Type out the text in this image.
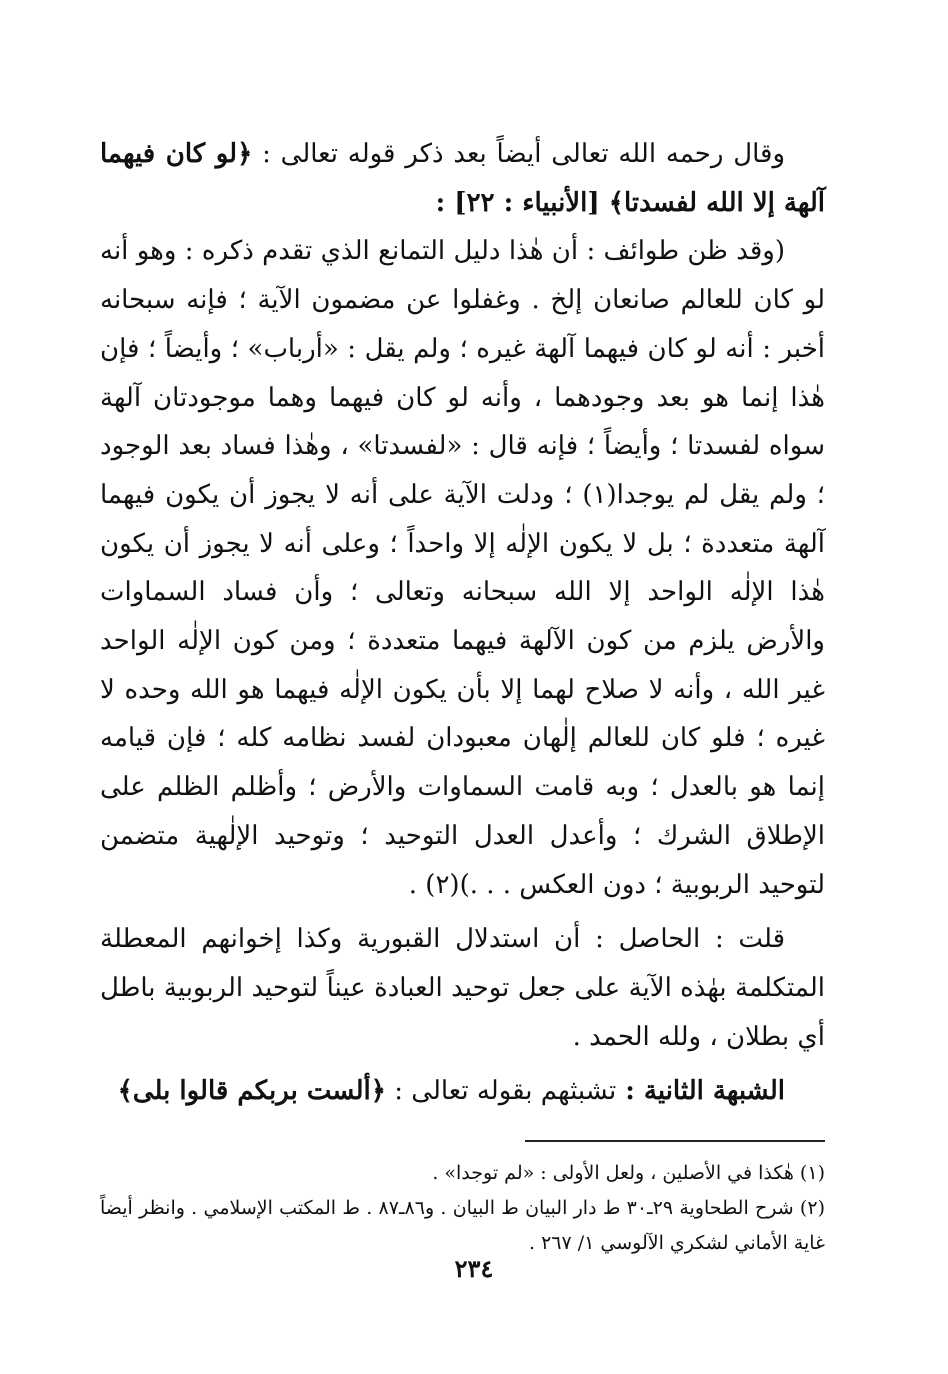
وقال رحمه الله تعالى أيضاً بعد ذكر قوله تعالى : ﴿لو كان فيهما آلهة إلا الله لفسدتا﴾ [الأنبياء : ٢٢] :

(وقد ظن طوائف : أن هٰذا دليل التمانع الذي تقدم ذكره : وهو أنه لو كان للعالم صانعان إلخ . وغفلوا عن مضمون الآية ؛ فإنه سبحانه أخبر : أنه لو كان فيهما آلهة غيره ؛ ولم يقل : «أرباب» ؛ وأيضاً ؛ فإن هٰذا إنما هو بعد وجودهما ، وأنه لو كان فيهما وهما موجودتان آلهة سواه لفسدتا ؛ وأيضاً ؛ فإنه قال : «لفسدتا» ، وهٰذا فساد بعد الوجود ؛ ولم يقل لم يوجدا(١) ؛ ودلت الآية على أنه لا يجوز أن يكون فيهما آلهة متعددة ؛ بل لا يكون الإلٰه إلا واحداً ؛ وعلى أنه لا يجوز أن يكون هٰذا الإلٰه الواحد إلا الله سبحانه وتعالى ؛ وأن فساد السماوات والأرض يلزم من كون الآلهة فيهما متعددة ؛ ومن كون الإلٰه الواحد غير الله ، وأنه لا صلاح لهما إلا بأن يكون الإلٰه فيهما هو الله وحده لا غيره ؛ فلو كان للعالم إلٰهان معبودان لفسد نظامه كله ؛ فإن قيامه إنما هو بالعدل ؛ وبه قامت السماوات والأرض ؛ وأظلم الظلم على الإطلاق الشرك ؛ وأعدل العدل التوحيد ؛ وتوحيد الإلٰهية متضمن لتوحيد الربوبية ؛ دون العكس . . .)(٢) .

قلت : الحاصل : أن استدلال القبورية وكذا إخوانهم المعطلة المتكلمة بهٰذه الآية على جعل توحيد العبادة عيناً لتوحيد الربوبية باطل أي بطلان ، ولله الحمد .

الشبهة الثانية : تشبثهم بقوله تعالى : ﴿ألست بربكم قالوا بلى﴾

(١) هٰكذا في الأصلين ، ولعل الأولى : «لم توجدا» .

(٢) شرح الطحاوية ٢٩ـ٣٠ ط دار البيان ط البيان . و٨٦ـ٨٧ . ط المكتب الإسلامي . وانظر أيضاً غاية الأماني لشكري الآلوسي ١/ ٢٦٧ .

٢٣٤
